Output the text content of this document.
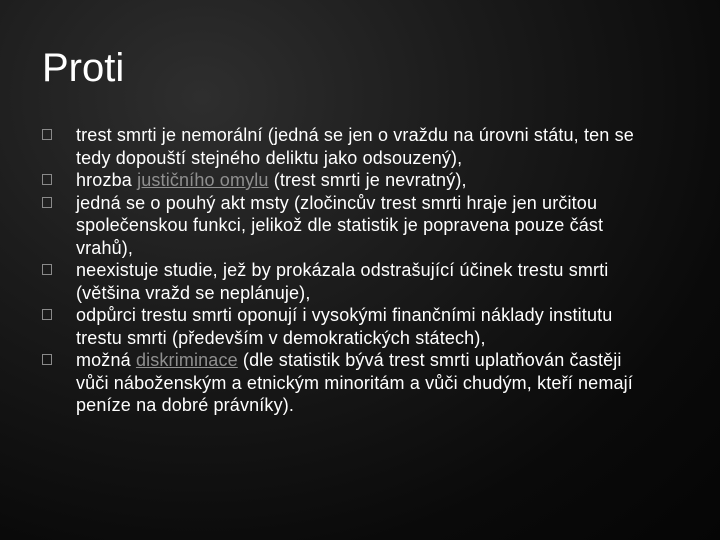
Proti
trest smrti je nemorální (jedná se jen o vraždu na úrovni státu, ten se tedy dopouští stejného deliktu jako odsouzený),
hrozba justičního omylu (trest smrti je nevratný),
jedná se o pouhý akt msty (zločincův trest smrti hraje jen určitou společenskou funkci, jelikož dle statistik je popravena pouze část vrahů),
neexistuje studie, jež by prokázala odstrašující účinek trestu smrti (většina vražd se neplánuje),
odpůrci trestu smrti oponují i vysokými finančními náklady institutu trestu smrti (především v demokratických státech),
možná diskriminace (dle statistik bývá trest smrti uplatňován častěji vůči náboženským a etnickým minoritám a vůči chudým, kteří nemají peníze na dobré právníky).
